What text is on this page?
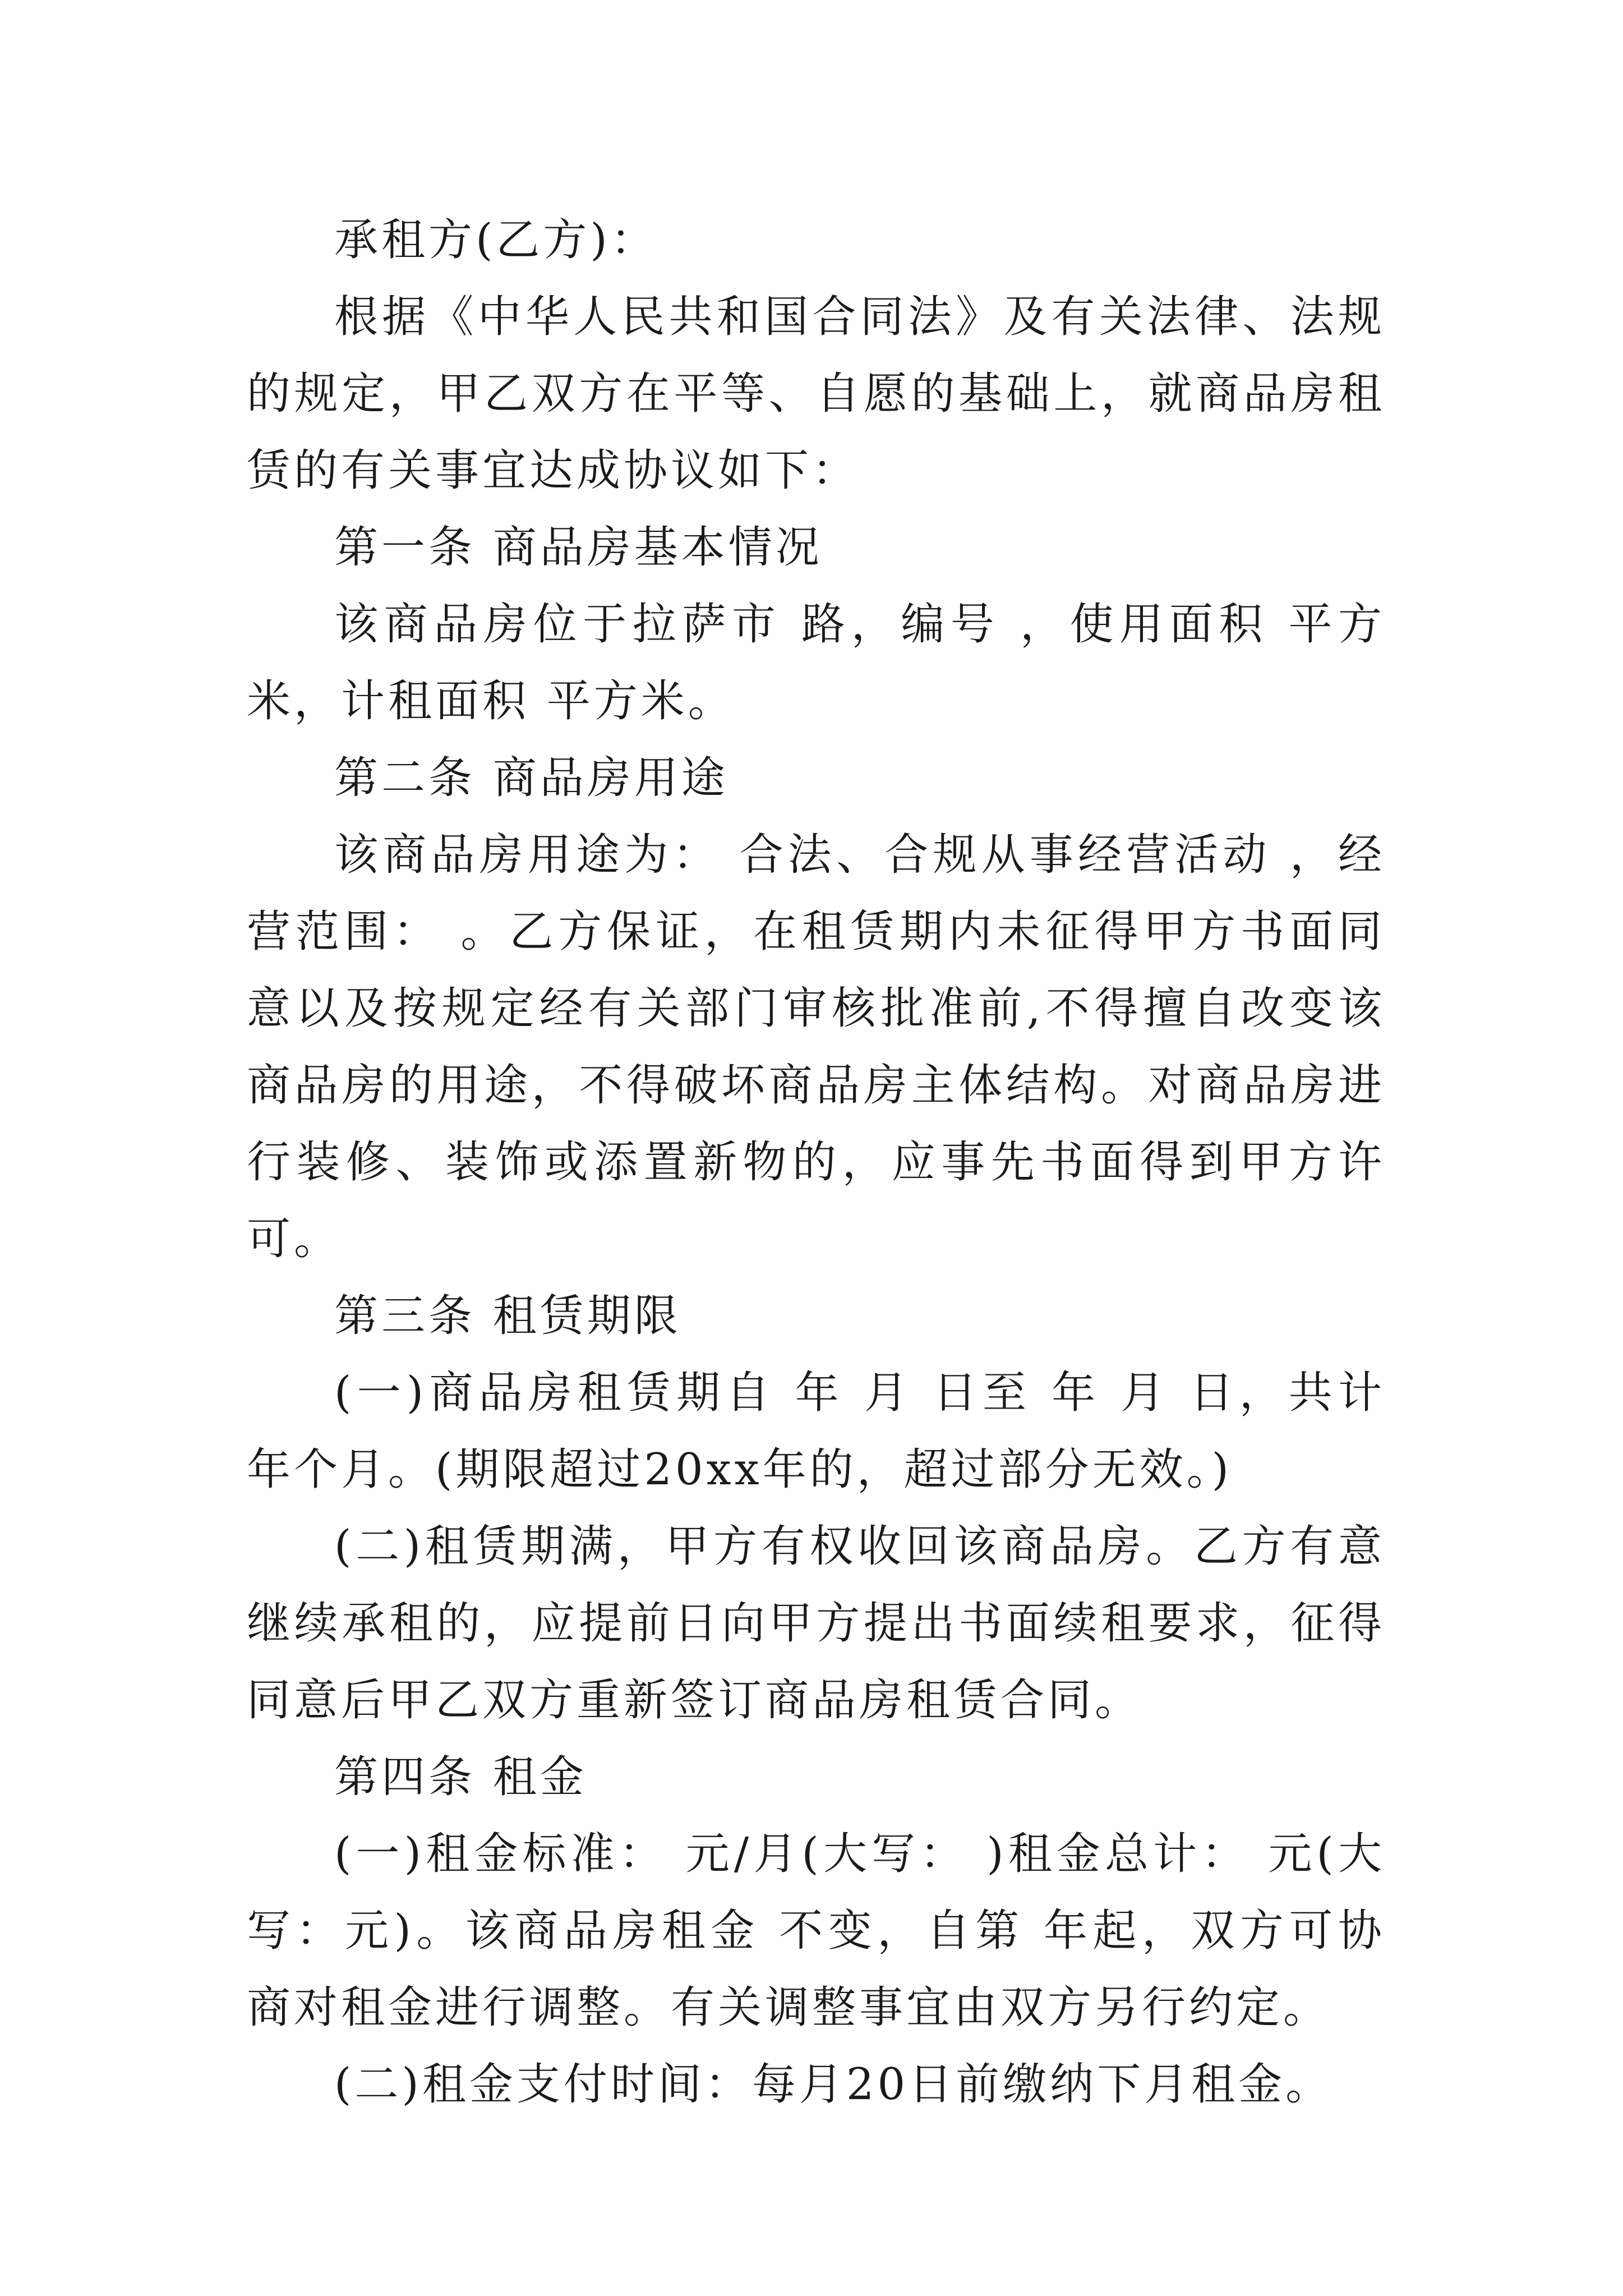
承租方(乙方)：

根据《中华人民共和国合同法》及有关法律、法规的规定，甲乙双方在平等、自愿的基础上，就商品房租赁的有关事宜达成协议如下：

第一条 商品房基本情况

该商品房位于拉萨市 路，编号 ，使用面积 平方米，计租面积 平方米。

第二条 商品房用途

该商品房用途为： 合法、合规从事经营活动 ，经营范围： 。乙方保证，在租赁期内未征得甲方书面同意以及按规定经有关部门审核批准前,不得擅自改变该商品房的用途，不得破坏商品房主体结构。对商品房进行装修、装饰或添置新物的，应事先书面得到甲方许可。

第三条 租赁期限

(一)商品房租赁期自 年 月 日至 年 月 日，共计 年个月。(期限超过20xx年的，超过部分无效。)

(二)租赁期满，甲方有权收回该商品房。乙方有意继续承租的，应提前日向甲方提出书面续租要求，征得同意后甲乙双方重新签订商品房租赁合同。

第四条 租金

(一)租金标准： 元/月(大写： )租金总计： 元(大写：元)。该商品房租金 不变，自第 年起，双方可协商对租金进行调整。有关调整事宜由双方另行约定。

(二)租金支付时间：每月20日前缴纳下月租金。
